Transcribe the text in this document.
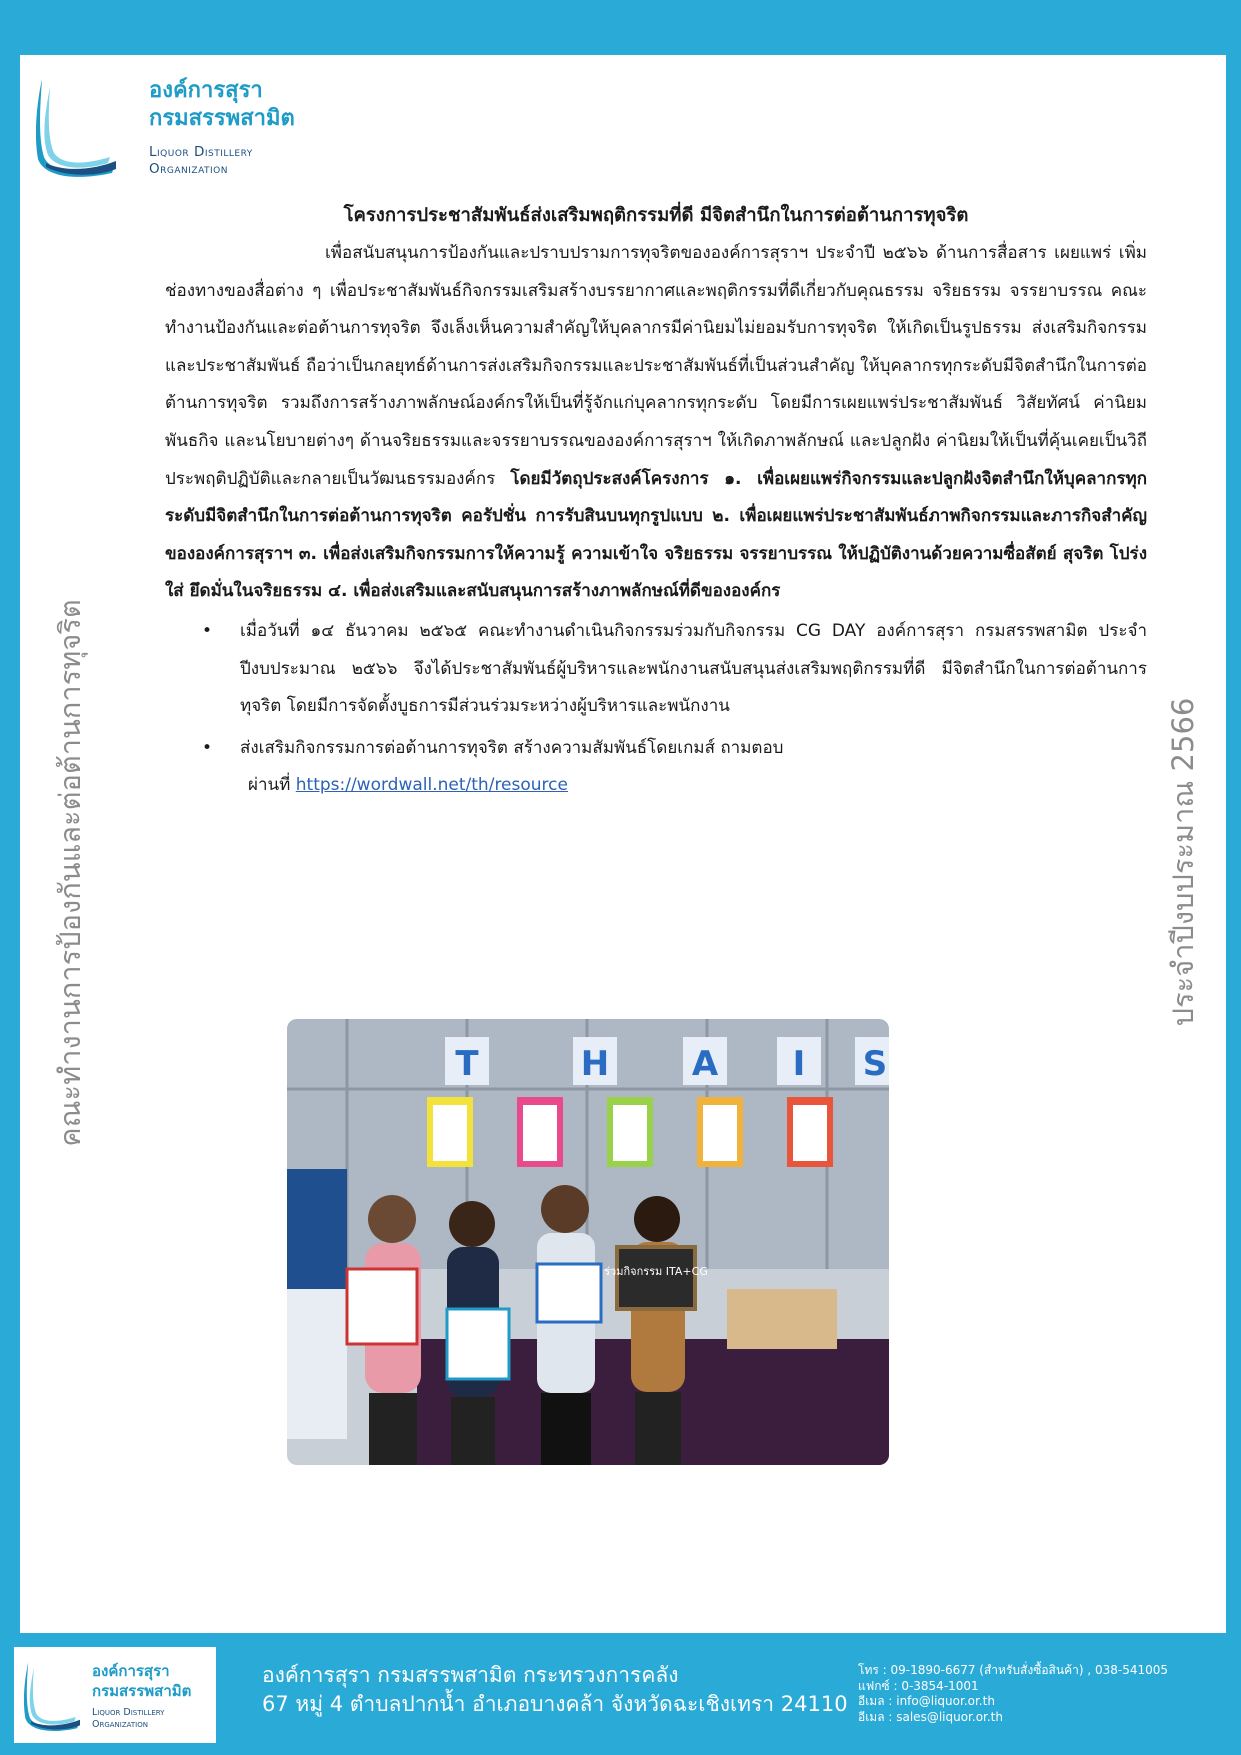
องค์การสุรา
กรมสรรพสามิต
Liquor Distillery
Organization
โครงการประชาสัมพันธ์ส่งเสริมพฤติกรรมที่ดี มีจิตสำนึกในการต่อต้านการทุจริต

เพื่อสนับสนุนการป้องกันและปราบปรามการทุจริตขององค์การสุราฯ ประจำปี ๒๕๖๖ ด้านการสื่อสาร เผยแพร่ เพิ่มช่องทางของสื่อต่าง ๆ เพื่อประชาสัมพันธ์กิจกรรมเสริมสร้างบรรยากาศและพฤติกรรมที่ดีเกี่ยวกับคุณธรรม จริยธรรม จรรยาบรรณ คณะทำงานป้องกันและต่อต้านการทุจริต จึงเล็งเห็นความสำคัญให้บุคลากรมีค่านิยมไม่ยอมรับการทุจริต ให้เกิดเป็นรูปธรรม ส่งเสริมกิจกรรมและประชาสัมพันธ์ ถือว่าเป็นกลยุทธ์ด้านการส่งเสริมกิจกรรมและประชาสัมพันธ์ที่เป็นส่วนสำคัญ ให้บุคลากรทุกระดับมีจิตสำนึกในการต่อต้านการทุจริต รวมถึงการสร้างภาพลักษณ์องค์กรให้เป็นที่รู้จักแก่บุคลากรทุกระดับ โดยมีการเผยแพร่ประชาสัมพันธ์ วิสัยทัศน์ ค่านิยม พันธกิจ และนโยบายต่างๆ ด้านจริยธรรมและจรรยาบรรณขององค์การสุราฯ ให้เกิดภาพลักษณ์ และปลูกฝัง ค่านิยมให้เป็นที่คุ้นเคยเป็นวิถีประพฤติปฏิบัติและกลายเป็นวัฒนธรรมองค์กร โดยมีวัตถุประสงค์โครงการ ๑. เพื่อเผยแพร่กิจกรรมและปลูกฝังจิตสำนึกให้บุคลากรทุกระดับมีจิตสำนึกในการต่อต้านการทุจริต คอรัปชั่น การรับสินบนทุกรูปแบบ ๒. เพื่อเผยแพร่ประชาสัมพันธ์ภาพกิจกรรมและภารกิจสำคัญขององค์การสุราฯ ๓. เพื่อส่งเสริมกิจกรรมการให้ความรู้ ความเข้าใจ จริยธรรม จรรยาบรรณ ให้ปฏิบัติงานด้วยความซื่อสัตย์ สุจริต โปร่งใส่ ยึดมั่นในจริยธรรม ๔. เพื่อส่งเสริมและสนับสนุนการสร้างภาพลักษณ์ที่ดีขององค์กร

• เมื่อวันที่ ๑๔ ธันวาคม ๒๕๖๕ คณะทำงานดำเนินกิจกรรมร่วมกับกิจกรรม CG DAY องค์การสุรา กรมสรรพสามิต ประจำปีงบประมาณ ๒๕๖๖ จึงได้ประชาสัมพันธ์ผู้บริหารและพนักงานสนับสนุนส่งเสริมพฤติกรรมที่ดี มีจิตสำนึกในการต่อต้านการทุจริต โดยมีการจัดตั้งบูธการมีส่วนร่วมระหว่างผู้บริหารและพนักงาน
• ส่งเสริมกิจกรรมการต่อต้านการทุจริต สร้างความสัมพันธ์โดยเกมส์ ถามตอบ
ผ่านที่ https://wordwall.net/th/resource
คณะทำงานการป้องกันและต่อต้านการทุจริต	ประจำปีงบประมาณ 2566
T	H A I S
ร่วมกิจกรรม ITA+CG
องค์การสุรา
กรมสรรพสามิต
Liquor Distillery
Organization
องค์การสุรา กรมสรรพสามิต กระทรวงการคลัง
67 หมู่ 4 ตำบลปากน้ำ อำเภอบางคล้า จังหวัดฉะเชิงเทรา 24110
โทร : 09-1890-6677 (สำหรับสั่งซื้อสินค้า) , 038-541005
แฟกซ์ : 0-3854-1001
อีเมล : info@liquor.or.th
อีเมล : sales@liquor.or.th
